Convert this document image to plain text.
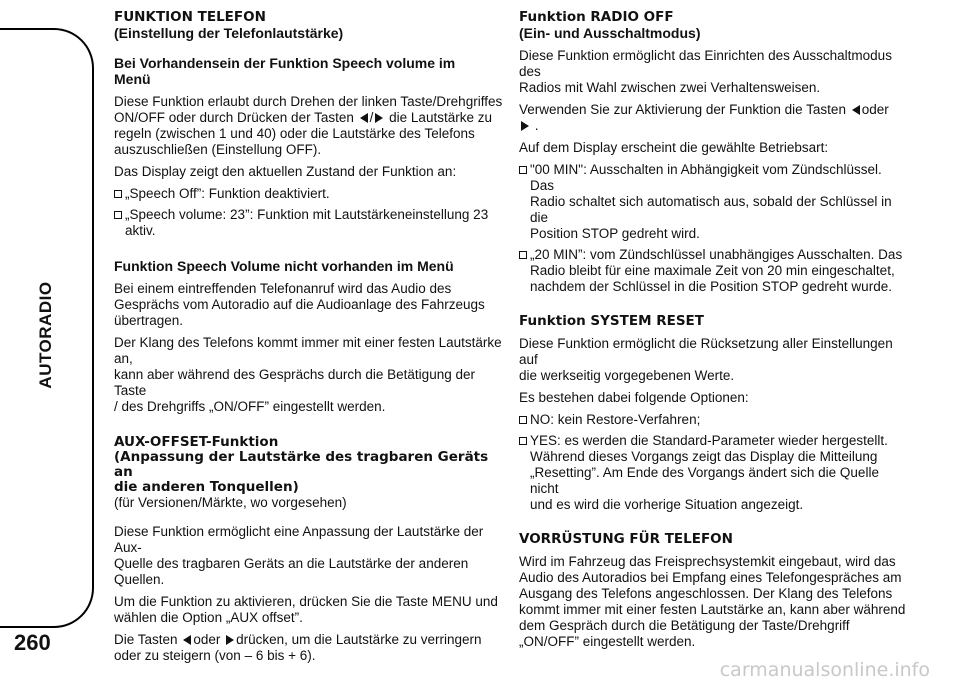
AUTORADIO
260
FUNKTION TELEFON
(Einstellung der Telefonlautstärke)
Bei Vorhandensein der Funktion Speech volume im
Menü

Diese Funktion erlaubt durch Drehen der linken Taste/Drehgriffes
ON/OFF oder durch Drücken der Tasten / die Lautstärke zu
regeln (zwischen 1 und 40) oder die Lautstärke des Telefons
auszuschließen (Einstellung OFF).

Das Display zeigt den aktuellen Zustand der Funktion an:

„Speech Off”: Funktion deaktiviert.
„Speech volume: 23”: Funktion mit Lautstärkeneinstellung 23
aktiv.
Funktion Speech Volume nicht vorhanden im Menü

Bei einem eintreffenden Telefonanruf wird das Audio des
Gesprächs vom Autoradio auf die Audioanlage des Fahrzeugs
übertragen.

Der Klang des Telefons kommt immer mit einer festen Lautstärke an,
kann aber während des Gesprächs durch die Betätigung der Taste
/ des Drehgriffs „ON/OFF” eingestellt werden.

AUX-OFFSET-Funktion
(Anpassung der Lautstärke des tragbaren Geräts an
die anderen Tonquellen)

(für Versionen/Märkte, wo vorgesehen)

Diese Funktion ermöglicht eine Anpassung der Lautstärke der Aux-
Quelle des tragbaren Geräts an die Lautstärke der anderen
Quellen.

Um die Funktion zu aktivieren, drücken Sie die Taste MENU und
wählen die Option „AUX offset”.

Die Tasten oder drücken, um die Lautstärke zu verringern
oder zu steigern (von – 6 bis + 6).

Funktion RADIO OFF
(Ein- und Ausschaltmodus)

Diese Funktion ermöglicht das Einrichten des Ausschaltmodus des
Radios mit Wahl zwischen zwei Verhaltensweisen.

Verwenden Sie zur Aktivierung der Funktion die Tasten oder
.

Auf dem Display erscheint die gewählte Betriebsart:

"00 MIN": Ausschalten in Abhängigkeit vom Zündschlüssel. Das
Radio schaltet sich automatisch aus, sobald der Schlüssel in die
Position STOP gedreht wird.
„20 MIN”: vom Zündschlüssel unabhängiges Ausschalten. Das
Radio bleibt für eine maximale Zeit von 20 min eingeschaltet,
nachdem der Schlüssel in die Position STOP gedreht wurde.
Funktion SYSTEM RESET

Diese Funktion ermöglicht die Rücksetzung aller Einstellungen auf
die werkseitig vorgegebenen Werte.

Es bestehen dabei folgende Optionen:

NO: kein Restore-Verfahren;
YES: es werden die Standard-Parameter wieder hergestellt.
Während dieses Vorgangs zeigt das Display die Mitteilung
„Resetting”. Am Ende des Vorgangs ändert sich die Quelle nicht
und es wird die vorherige Situation angezeigt.
VORRÜSTUNG FÜR TELEFON

Wird im Fahrzeug das Freisprechsystemkit eingebaut, wird das
Audio des Autoradios bei Empfang eines Telefongespräches am
Ausgang des Telefons angeschlossen. Der Klang des Telefons
kommt immer mit einer festen Lautstärke an, kann aber während
dem Gespräch durch die Betätigung der Taste/Drehgriff
„ON/OFF” eingestellt werden.

carmanualsonline.info
